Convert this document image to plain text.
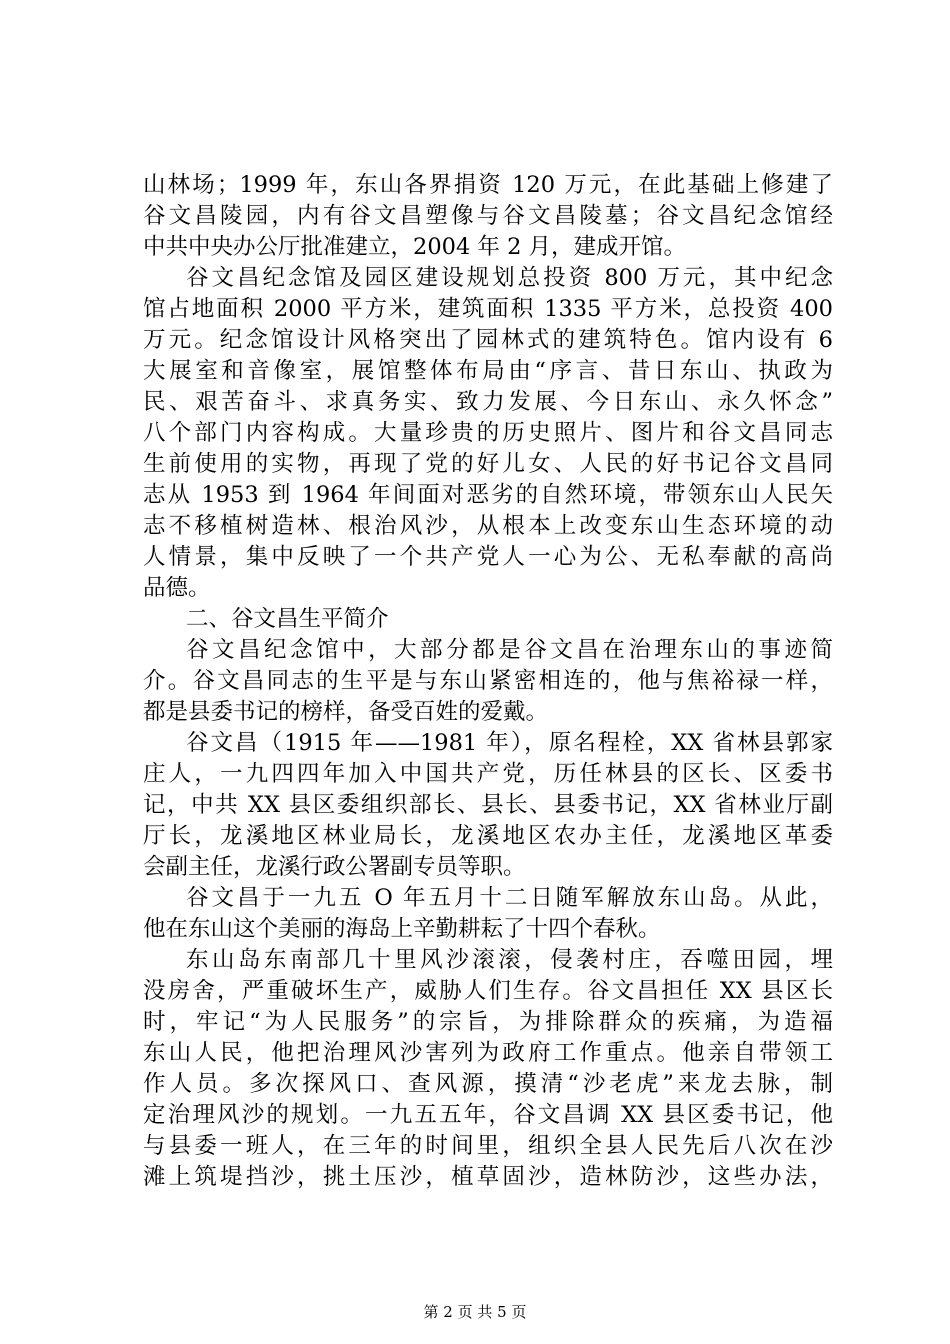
山林场；1999 年，东山各界捐资 120 万元，在此基础上修建了
谷文昌陵园，内有谷文昌塑像与谷文昌陵墓；谷文昌纪念馆经
中共中央办公厅批准建立，2004 年 2 月，建成开馆。
谷文昌纪念馆及园区建设规划总投资 800 万元，其中纪念
馆占地面积 2000 平方米，建筑面积 1335 平方米，总投资 400
万元。纪念馆设计风格突出了园林式的建筑特色。馆内设有 6
大展室和音像室，展馆整体布局由“序言、昔日东山、执政为
民、艰苦奋斗、求真务实、致力发展、今日东山、永久怀念”
八个部门内容构成。大量珍贵的历史照片、图片和谷文昌同志
生前使用的实物，再现了党的好儿女、人民的好书记谷文昌同
志从 1953 到 1964 年间面对恶劣的自然环境，带领东山人民矢
志不移植树造林、根治风沙，从根本上改变东山生态环境的动
人情景，集中反映了一个共产党人一心为公、无私奉献的高尚
品德。
二、谷文昌生平简介
谷文昌纪念馆中，大部分都是谷文昌在治理东山的事迹简
介。谷文昌同志的生平是与东山紧密相连的，他与焦裕禄一样，
都是县委书记的榜样，备受百姓的爱戴。
谷文昌（1915 年——1981 年），原名程栓，XX 省林县郭家
庄人，一九四四年加入中国共产党，历任林县的区长、区委书
记，中共 XX 县区委组织部长、县长、县委书记，XX 省林业厅副
厅长，龙溪地区林业局长，龙溪地区农办主任，龙溪地区革委
会副主任，龙溪行政公署副专员等职。
谷文昌于一九五 O 年五月十二日随军解放东山岛。从此，
他在东山这个美丽的海岛上辛勤耕耘了十四个春秋。
东山岛东南部几十里风沙滚滚，侵袭村庄，吞噬田园，埋
没房舍，严重破坏生产，威胁人们生存。谷文昌担任 XX 县区长
时，牢记“为人民服务”的宗旨，为排除群众的疾痛，为造福
东山人民，他把治理风沙害列为政府工作重点。他亲自带领工
作人员。多次探风口、查风源，摸清“沙老虎”来龙去脉，制
定治理风沙的规划。一九五五年，谷文昌调 XX 县区委书记，他
与县委一班人，在三年的时间里，组织全县人民先后八次在沙
滩上筑堤挡沙，挑土压沙，植草固沙，造林防沙，这些办法，
第 2 页 共 5 页
